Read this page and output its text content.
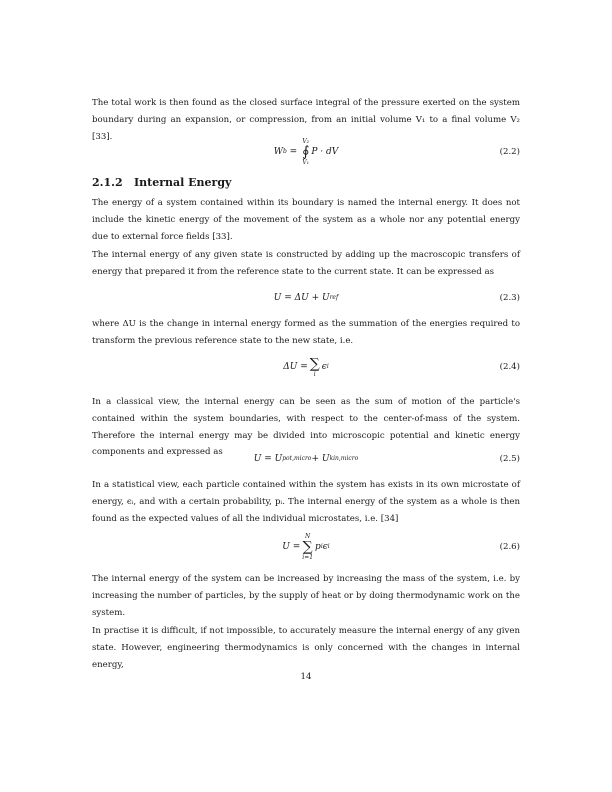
The total work is then found as the closed surface integral of the pressure exerted on the system boundary during an expansion, or compression, from an initial volume V₁ to a final volume V₂ [33].

W b =
V₂
∮
V₁
P · dV	(2.2)
2.1.2 Internal Energy

The energy of a system contained within its boundary is named the internal energy. It does not include the kinetic energy of the movement of the system as a whole nor any potential energy due to external force fields [33].

The internal energy of any given state is constructed by adding up the macroscopic transfers of energy that prepared it from the reference state to the current state. It can be expressed as

U = ΔU + U ref	(2.3)

where ΔU is the change in internal energy formed as the summation of the energies required to transform the previous reference state to the new state, i.e.

ΔU = ∑
i
ϵ i	(2.4)

In a classical view, the internal energy can be seen as the sum of motion of the particle's contained within the system boundaries, with respect to the center-of-mass of the system. Therefore the internal energy may be divided into microscopic potential and kinetic energy components and expressed as

U = U pot,micro + U kin,micro	(2.5)

In a statistical view, each particle contained within the system has exists in its own microstate of energy, ϵᵢ, and with a certain probability, pᵢ. The internal energy of the system as a whole is then found as the expected values of all the individual microstates, i.e. [34]

U =
N
∑
i=1
p i ϵ i	(2.6)

The internal energy of the system can be increased by increasing the mass of the system, i.e. by increasing the number of particles, by the supply of heat or by doing thermodynamic work on the system.

In practise it is difficult, if not impossible, to accurately measure the internal energy of any given state. However, engineering thermodynamics is only concerned with the changes in internal energy,

14
